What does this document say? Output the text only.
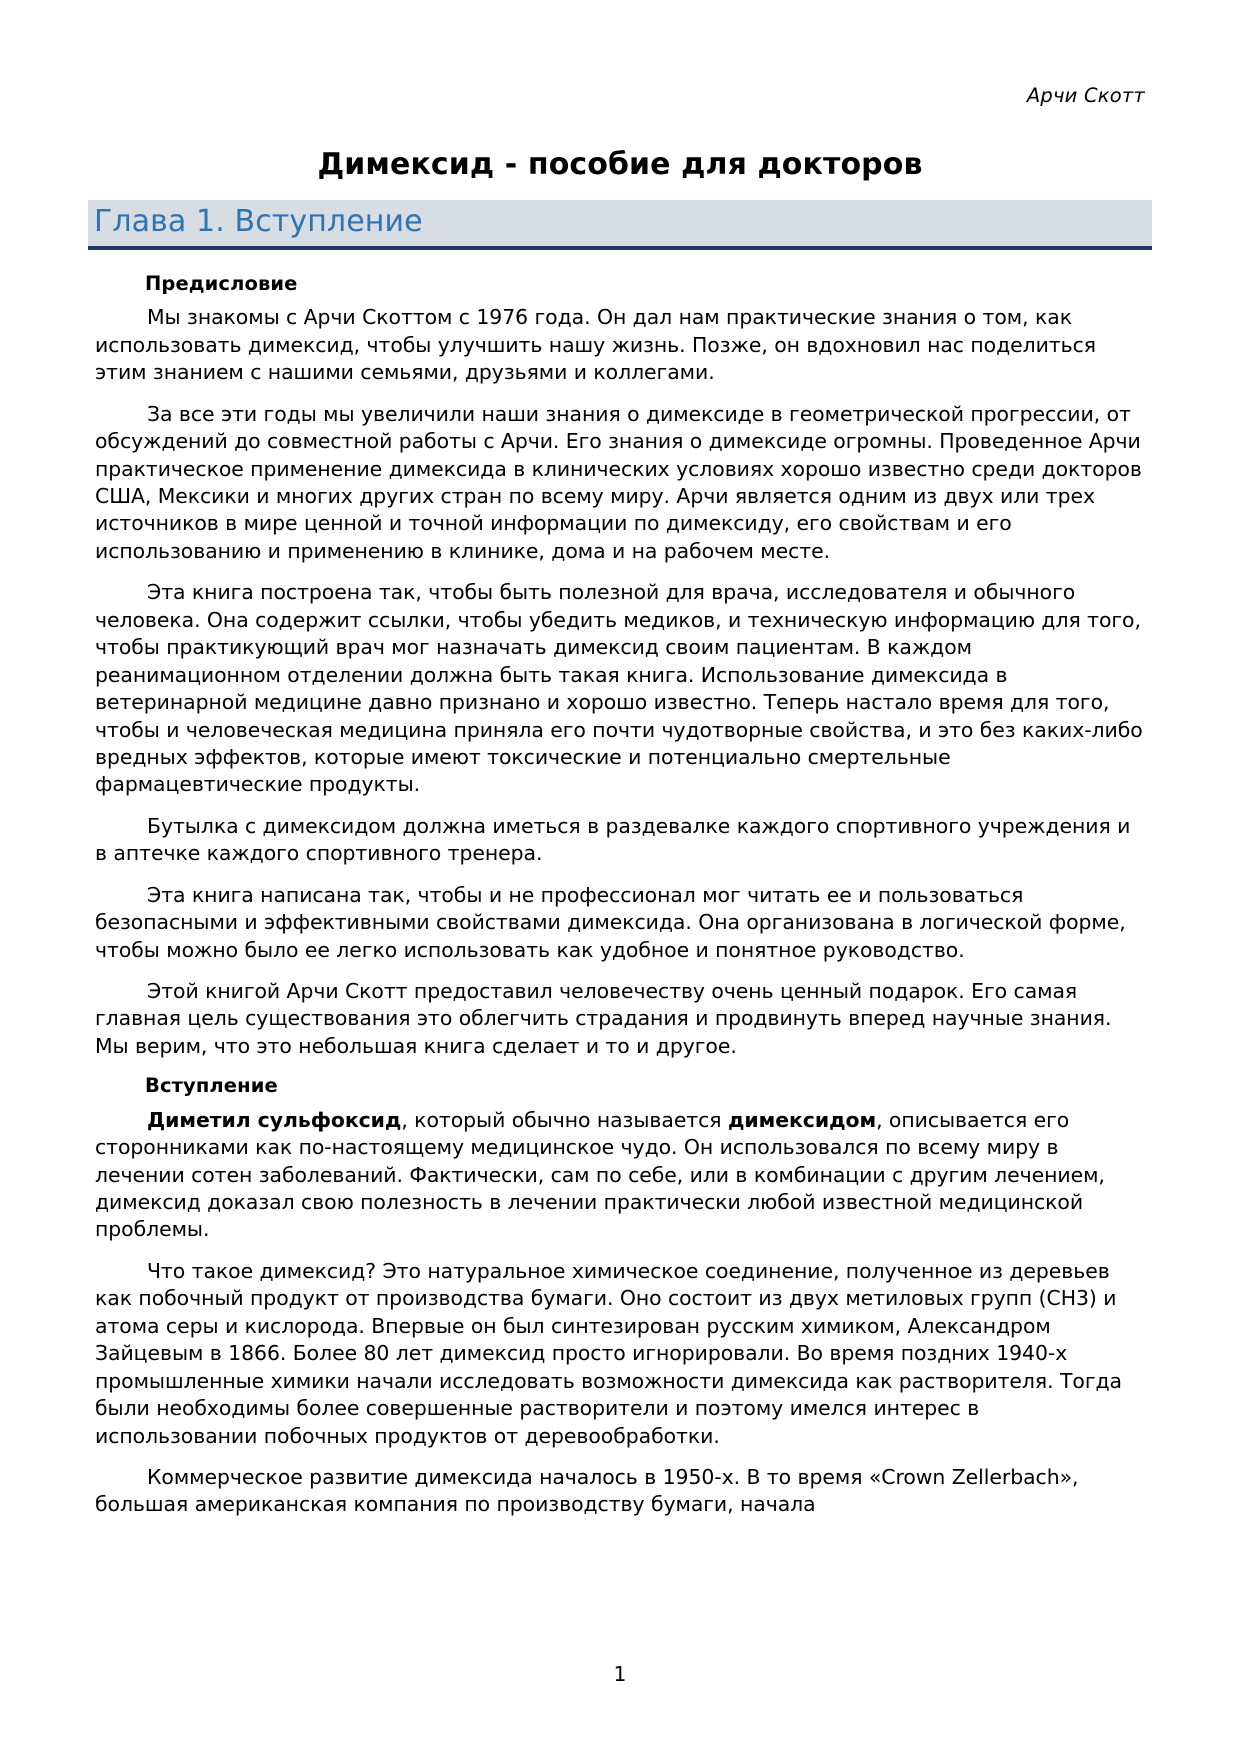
Арчи Скотт
Димексид - пособие для докторов
Глава 1. Вступление
Предисловие

Мы знакомы с Арчи Скоттом с 1976 года. Он дал нам практические знания о том, как использовать димексид, чтобы улучшить нашу жизнь. Позже, он вдохновил нас поделиться этим знанием с нашими семьями, друзьями и коллегами.

За все эти годы мы увеличили наши знания о димексиде в геометрической прогрессии, от обсуждений до совместной работы с Арчи. Его знания о димексиде огромны. Проведенное Арчи практическое применение димексида в клинических условиях хорошо известно среди докторов США, Мексики и многих других стран по всему миру. Арчи является одним из двух или трех источников в мире ценной и точной информации по димексиду, его свойствам и его использованию и применению в клинике, дома и на рабочем месте.

Эта книга построена так, чтобы быть полезной для врача, исследователя и обычного человека. Она содержит ссылки, чтобы убедить медиков, и техническую информацию для того, чтобы практикующий врач мог назначать димексид своим пациентам. В каждом реанимационном отделении должна быть такая книга. Использование димексида в ветеринарной медицине давно признано и хорошо известно. Теперь настало время для того, чтобы и человеческая медицина приняла его почти чудотворные свойства, и это без каких-либо вредных эффектов, которые имеют токсические и потенциально смертельные фармацевтические продукты.

Бутылка с димексидом должна иметься в раздевалке каждого спортивного учреждения и в аптечке каждого спортивного тренера.

Эта книга написана так, чтобы и не профессионал мог читать ее и пользоваться безопасными и эффективными свойствами димексида. Она организована в логической форме, чтобы можно было ее легко использовать как удобное и понятное руководство.

Этой книгой Арчи Скотт предоставил человечеству очень ценный подарок. Его самая главная цель существования это облегчить страдания и продвинуть вперед научные знания. Мы верим, что это небольшая книга сделает и то и другое.

Вступление

Диметил сульфоксид, который обычно называется димексидом, описывается его сторонниками как по-настоящему медицинское чудо. Он использовался по всему миру в лечении сотен заболеваний. Фактически, сам по себе, или в комбинации с другим лечением, димексид доказал свою полезность в лечении практически любой известной медицинской проблемы.

Что такое димексид? Это натуральное химическое соединение, полученное из деревьев как побочный продукт от производства бумаги. Оно состоит из двух метиловых групп (CH3) и атома серы и кислорода. Впервые он был синтезирован русским химиком, Александром Зайцевым в 1866. Более 80 лет димексид просто игнорировали. Во время поздних 1940-х промышленные химики начали исследовать возможности димексида как растворителя. Тогда были необходимы более совершенные растворители и поэтому имелся интерес в использовании побочных продуктов от деревообработки.

Коммерческое развитие димексида началось в 1950-х. В то время «Crown Zellerbach», большая американская компания по производству бумаги, начала

1
